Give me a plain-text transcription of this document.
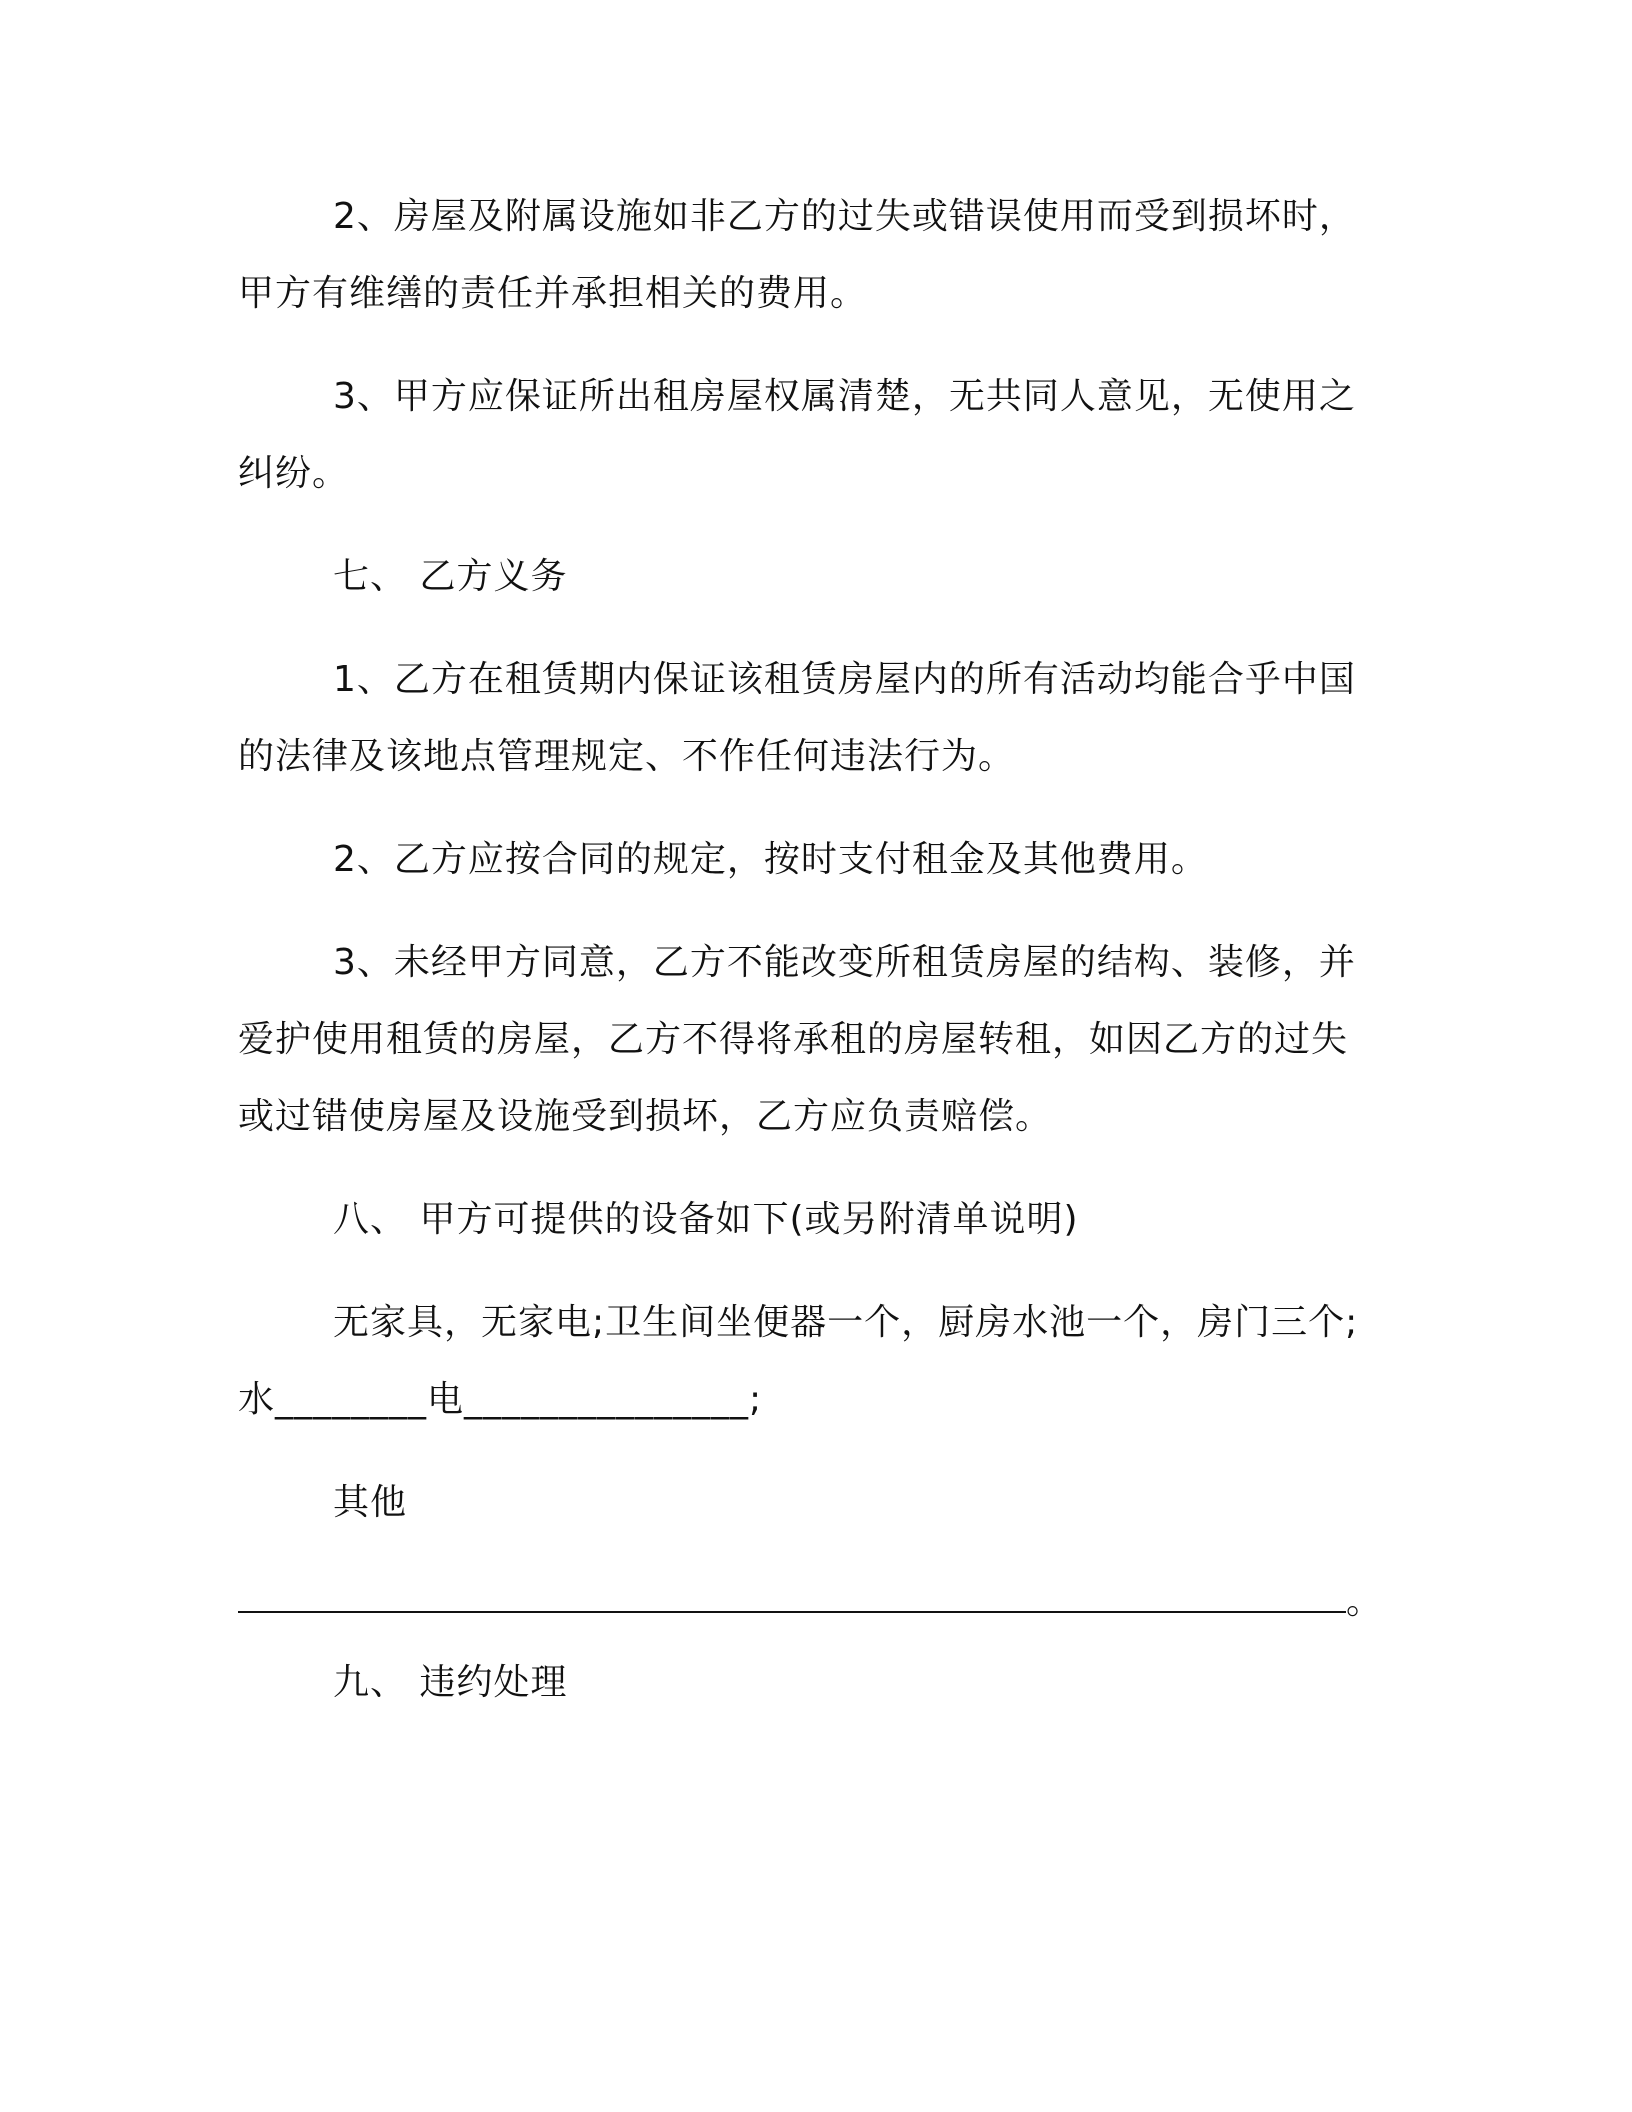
2、房屋及附属设施如非乙方的过失或错误使用而受到损坏时，
甲方有维缮的责任并承担相关的费用。
3、甲方应保证所出租房屋权属清楚，无共同人意见，无使用之
纠纷。
七、 乙方义务
1、乙方在租赁期内保证该租赁房屋内的所有活动均能合乎中国
的法律及该地点管理规定、不作任何违法行为。
2、乙方应按合同的规定，按时支付租金及其他费用。
3、未经甲方同意，乙方不能改变所租赁房屋的结构、装修，并
爱护使用租赁的房屋，乙方不得将承租的房屋转租，如因乙方的过失
或过错使房屋及设施受到损坏，乙方应负责赔偿。
八、 甲方可提供的设备如下(或另附清单说明)
无家具，无家电;卫生间坐便器一个，厨房水池一个，房门三个;
水________电_______________;
其他
。
九、 违约处理
